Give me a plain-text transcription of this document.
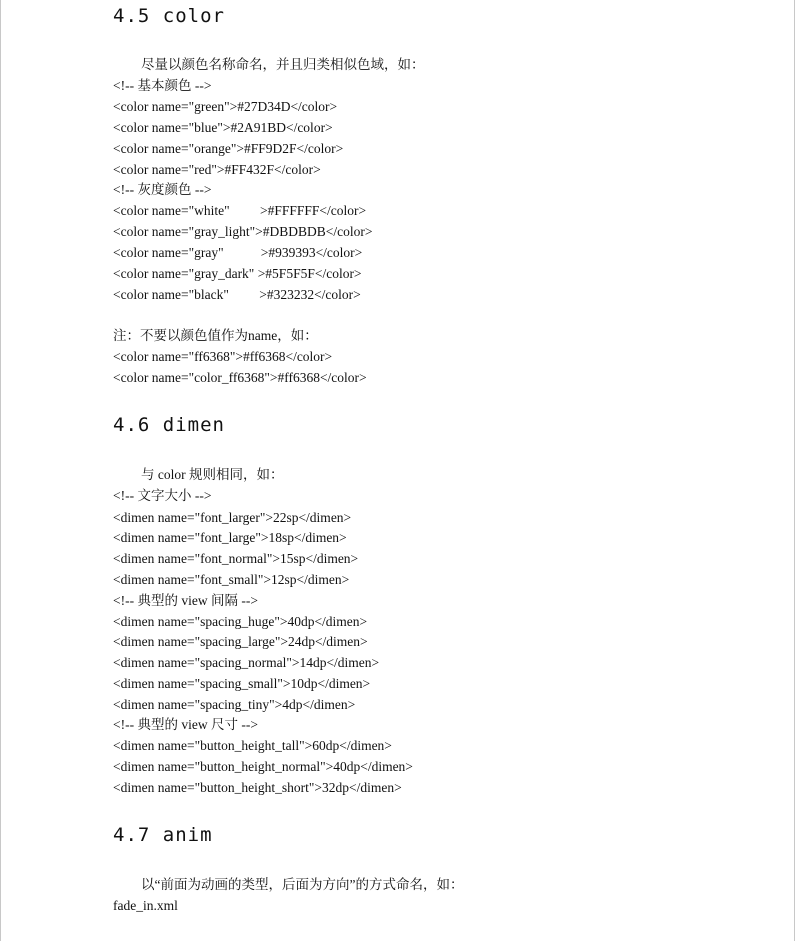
4.5 color
尽量以颜色名称命名，并且归类相似色域，如：
<!-- 基本颜色 -->
<color name="green">#27D34D</color>
<color name="blue">#2A91BD</color>
<color name="orange">#FF9D2F</color>
<color name="red">#FF432F</color>
<!-- 灰度颜色 -->
<color name="white"         >#FFFFFF</color>
<color name="gray_light">#DBDBDB</color>
<color name="gray"           >#939393</color>
<color name="gray_dark" >#5F5F5F</color>
<color name="black"         >#323232</color>
注：不要以颜色值作为name，如：
<color name="ff6368">#ff6368</color>
<color name="color_ff6368">#ff6368</color>
4.6 dimen
与 color 规则相同，如：
<!-- 文字大小 -->
<dimen name="font_larger">22sp</dimen>
<dimen name="font_large">18sp</dimen>
<dimen name="font_normal">15sp</dimen>
<dimen name="font_small">12sp</dimen>
<!-- 典型的 view 间隔 -->
<dimen name="spacing_huge">40dp</dimen>
<dimen name="spacing_large">24dp</dimen>
<dimen name="spacing_normal">14dp</dimen>
<dimen name="spacing_small">10dp</dimen>
<dimen name="spacing_tiny">4dp</dimen>
<!-- 典型的 view 尺寸 -->
<dimen name="button_height_tall">60dp</dimen>
<dimen name="button_height_normal">40dp</dimen>
<dimen name="button_height_short">32dp</dimen>
4.7 anim
以“前面为动画的类型，后面为方向”的方式命名，如：
fade_in.xml
